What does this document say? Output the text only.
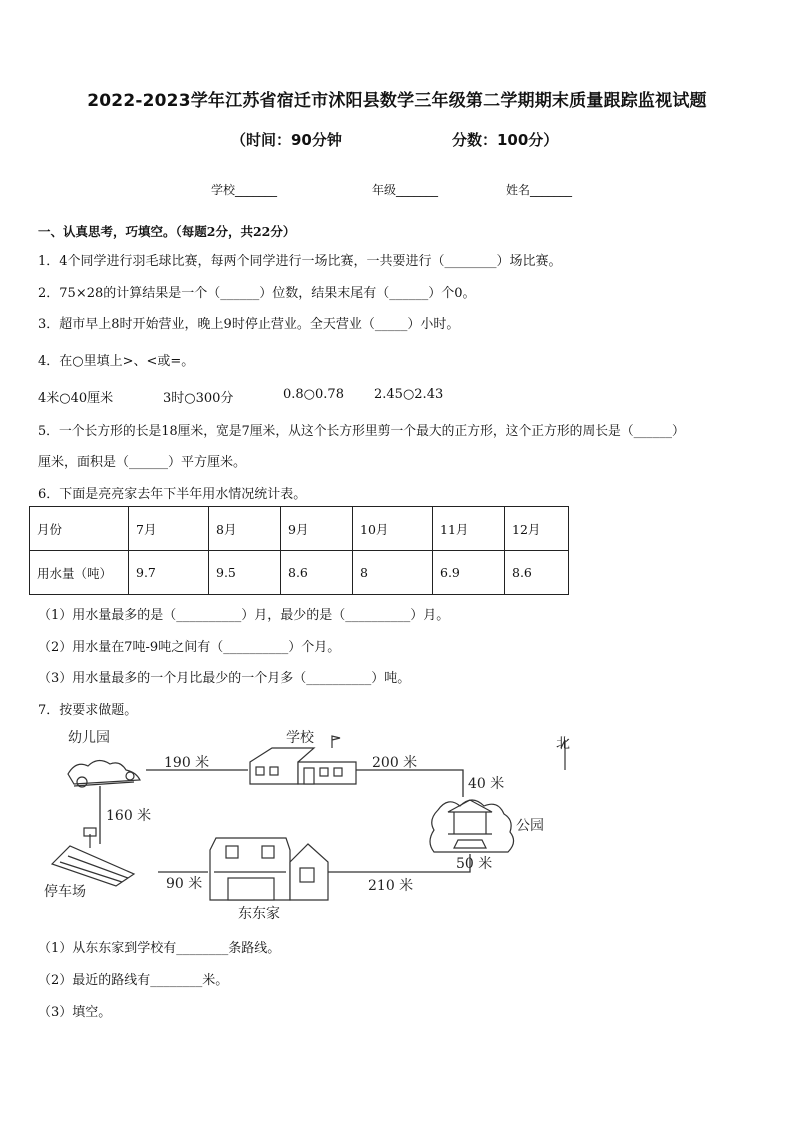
2022-2023学年江苏省宿迁市沭阳县数学三年级第二学期期末质量跟踪监视试题
（时间：90分钟	分数：100分）
学校_______	年级_______	姓名_______
一、认真思考，巧填空。（每题2分，共22分）
1．4个同学进行羽毛球比赛，每两个同学进行一场比赛，一共要进行（________）场比赛。
2．75×28的计算结果是一个（______）位数，结果末尾有（______）个0。
3．超市早上8时开始营业，晚上9时停止营业。全天营业（_____）小时。
4．在○里填上>、<或=。
4米○40厘米	3时○300分	0.8○0.78 2.45○2.43
5．一个长方形的长是18厘米，宽是7厘米，从这个长方形里剪一个最大的正方形，这个正方形的周长是（______）
厘米，面积是（______）平方厘米。
6．下面是亮亮家去年下半年用水情况统计表。
月份	7月	8月	9月	10月	11月	12月
用水量（吨）	9.7	9.5	8.6	8	6.9	8.6
（1）用水量最多的是（__________）月，最少的是（__________）月。
（2）用水量在7吨-9吨之间有（__________）个月。
（3）用水量最多的一个月比最少的一个月多（__________）吨。
7．按要求做题。
幼儿园	学校	北
公园
停车场
东东家
190 米	200 米
40 米
160 米
50 米
90 米	210 米
（1）从东东家到学校有________条路线。
（2）最近的路线有________米。
（3）填空。
